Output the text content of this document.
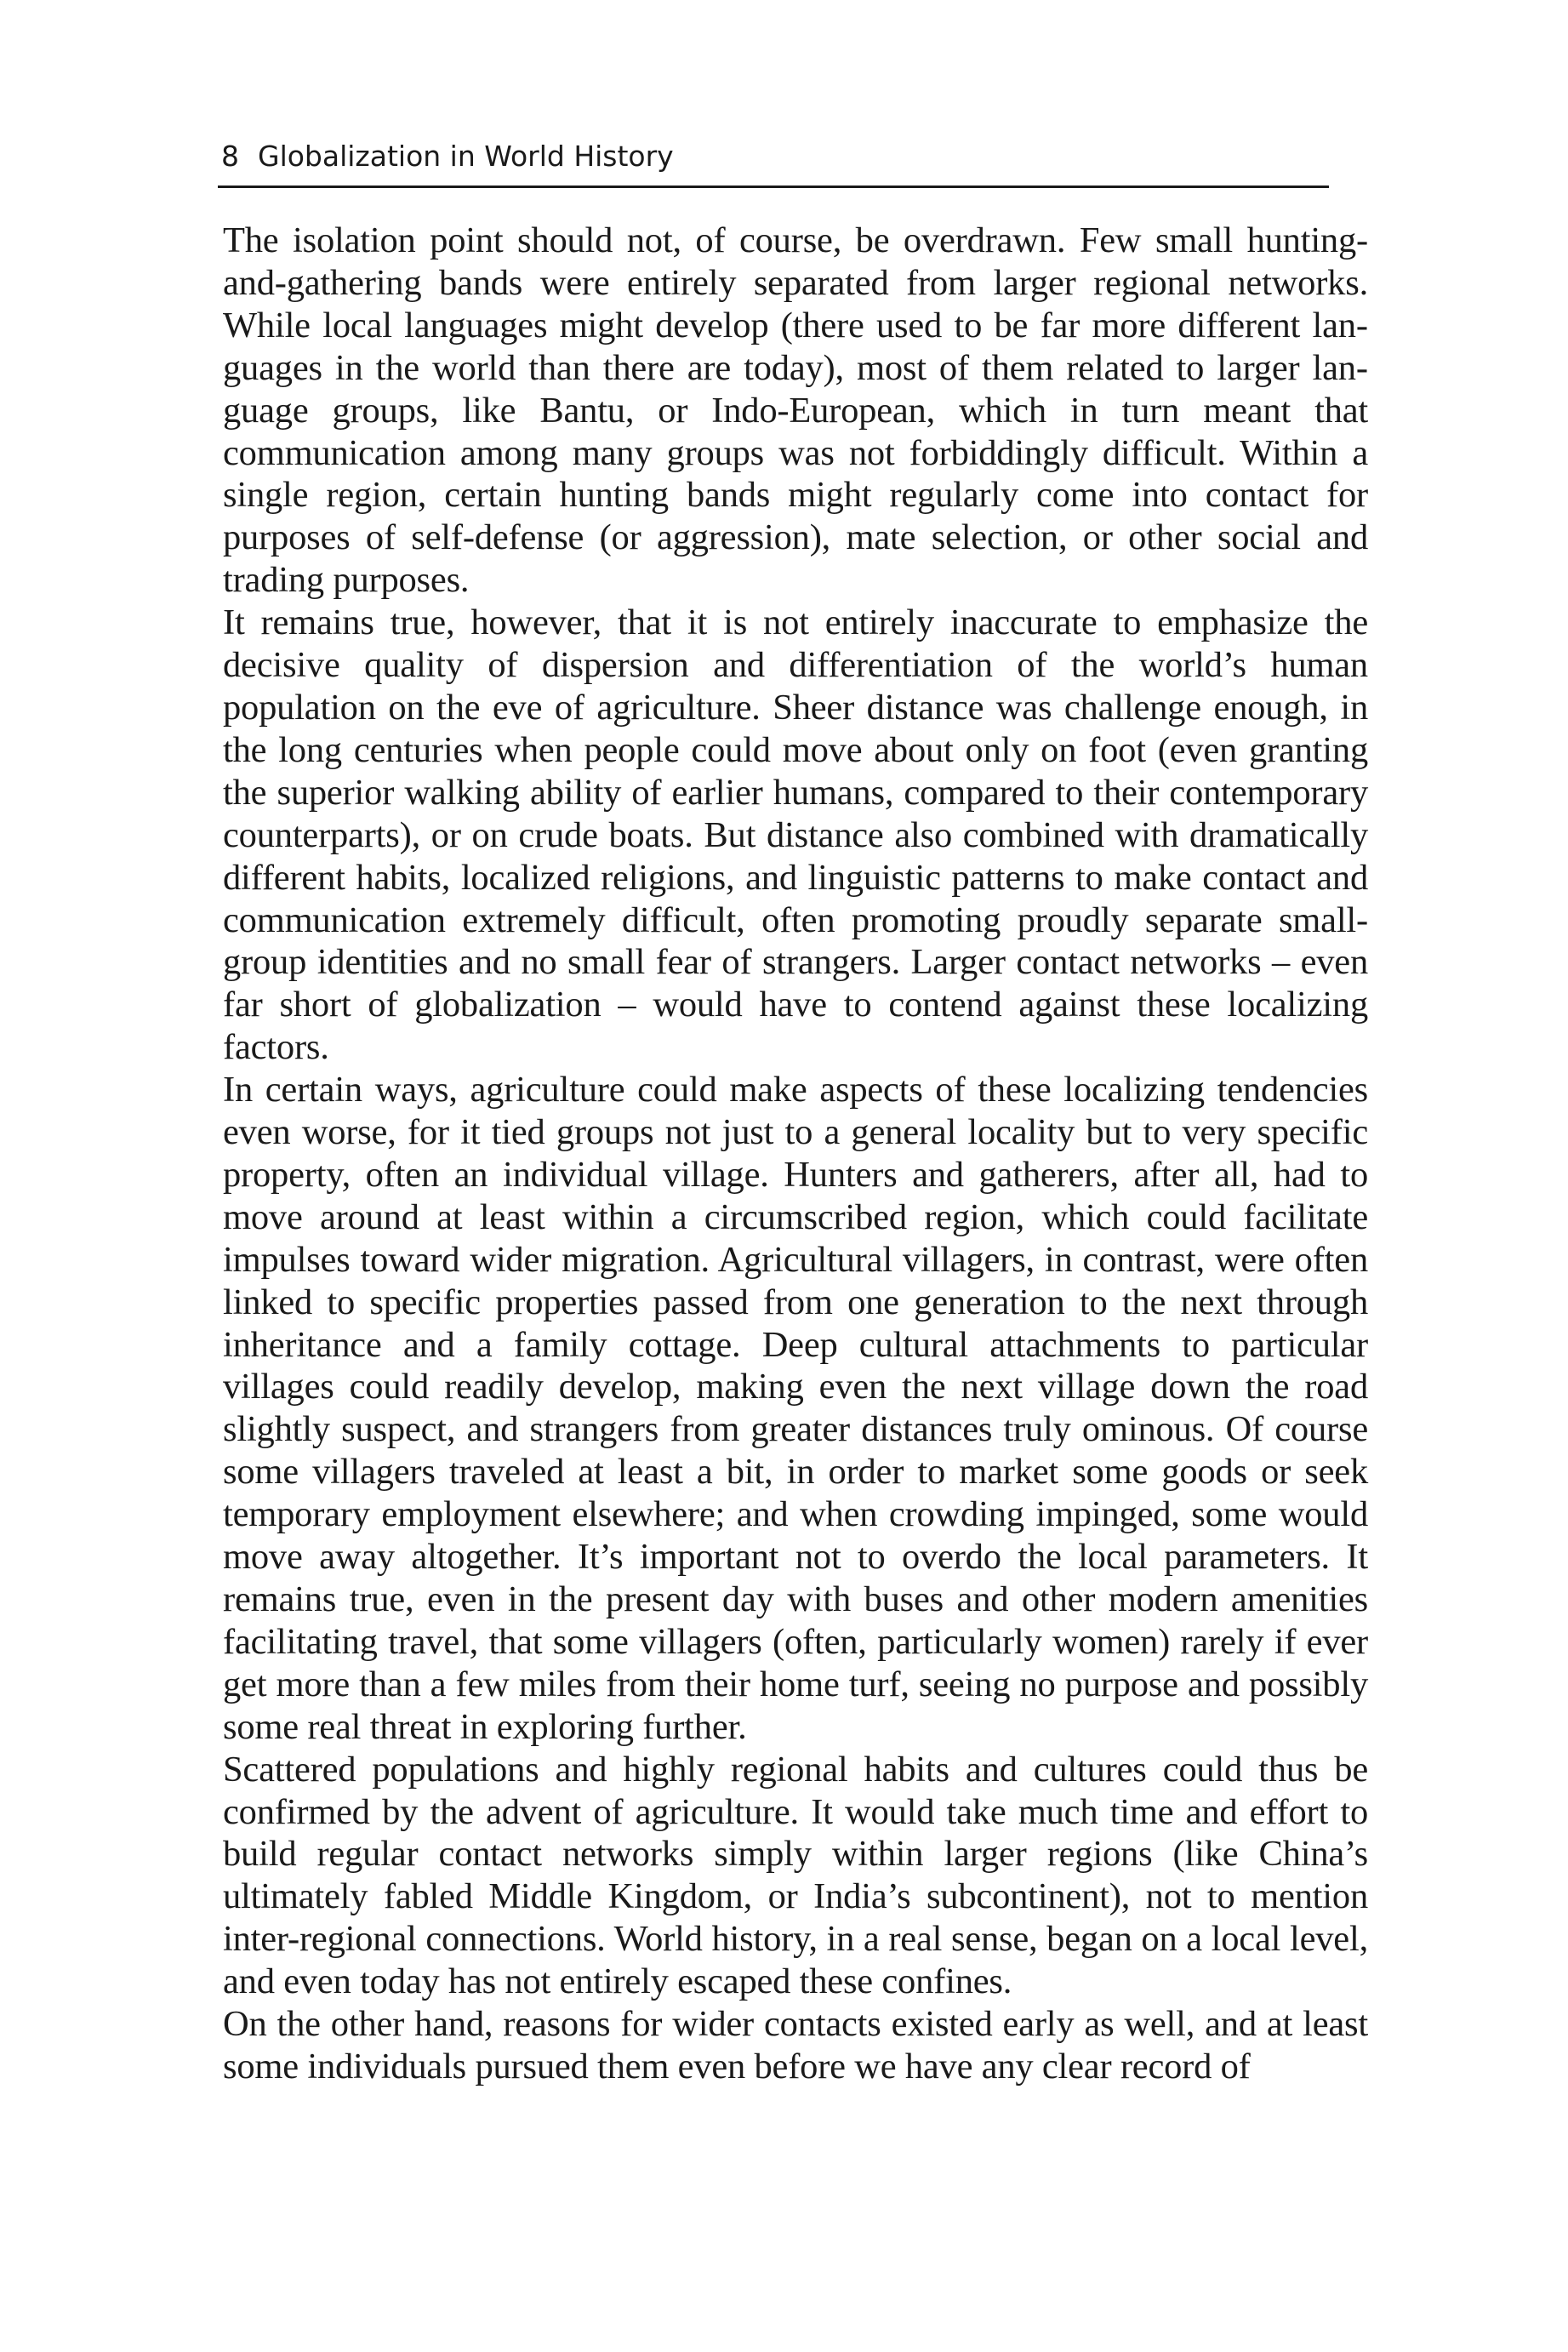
8 Globalization in World History

The isolation point should not, of course, be overdrawn. Few small hunting-and-gathering bands were entirely separated from larger regional networks. While local languages might develop (there used to be far more different languages in the world than there are today), most of them related to larger language groups, like Bantu, or Indo-European, which in turn meant that communication among many groups was not forbiddingly difficult. Within a single region, certain hunting bands might regularly come into contact for purposes of self-defense (or aggression), mate selection, or other social and trading purposes.

It remains true, however, that it is not entirely inaccurate to emphasize the decisive quality of dispersion and differentiation of the world’s human population on the eve of agriculture. Sheer distance was challenge enough, in the long centuries when people could move about only on foot (even granting the superior walking ability of earlier humans, compared to their contemporary counterparts), or on crude boats. But distance also combined with dramatically different habits, localized religions, and linguistic patterns to make contact and communication extremely difficult, often promoting proudly separate small-group identities and no small fear of strangers. Larger contact networks – even far short of globalization – would have to contend against these localizing factors.

In certain ways, agriculture could make aspects of these localizing tendencies even worse, for it tied groups not just to a general locality but to very specific property, often an individual village. Hunters and gatherers, after all, had to move around at least within a circumscribed region, which could facilitate impulses toward wider migration. Agricultural villagers, in contrast, were often linked to specific properties passed from one generation to the next through inheritance and a family cottage. Deep cultural attachments to particular villages could readily develop, making even the next village down the road slightly suspect, and strangers from greater distances truly ominous. Of course some villagers traveled at least a bit, in order to market some goods or seek temporary employment elsewhere; and when crowding impinged, some would move away altogether. It’s important not to overdo the local parameters. It remains true, even in the present day with buses and other modern amenities facilitating travel, that some villagers (often, particularly women) rarely if ever get more than a few miles from their home turf, seeing no purpose and possibly some real threat in exploring further.

Scattered populations and highly regional habits and cultures could thus be confirmed by the advent of agriculture. It would take much time and effort to build regular contact networks simply within larger regions (like China’s ultimately fabled Middle Kingdom, or India’s subcontinent), not to mention inter-regional connections. World history, in a real sense, began on a local level, and even today has not entirely escaped these confines.

On the other hand, reasons for wider contacts existed early as well, and at least some individuals pursued them even before we have any clear record of
